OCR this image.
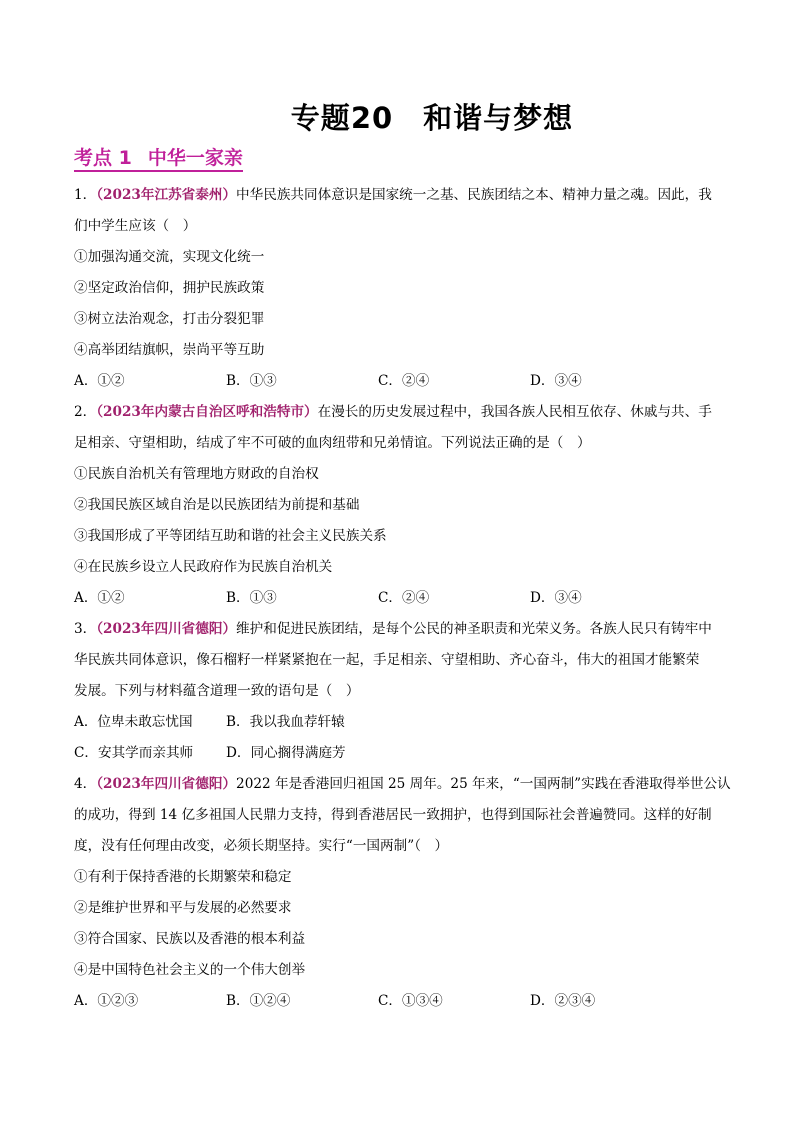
专题20 和谐与梦想
考点 1 中华一家亲
1．（2023年江苏省泰州）中华民族共同体意识是国家统一之基、民族团结之本、精神力量之魂。因此，我
们中学生应该（　）
①加强沟通交流，实现文化统一
②坚定政治信仰，拥护民族政策
③树立法治观念，打击分裂犯罪
④高举团结旗帜，崇尚平等互助
A．①②	B．①③	C．②④	D．③④
2．（2023年内蒙古自治区呼和浩特市）在漫长的历史发展过程中，我国各族人民相互依存、休戚与共、手
足相亲、守望相助，结成了牢不可破的血肉纽带和兄弟情谊。下列说法正确的是（　）
①民族自治机关有管理地方财政的自治权
②我国民族区域自治是以民族团结为前提和基础
③我国形成了平等团结互助和谐的社会主义民族关系
④在民族乡设立人民政府作为民族自治机关
A．①②	B．①③	C．②④	D．③④
3．（2023年四川省德阳）维护和促进民族团结，是每个公民的神圣职责和光荣义务。各族人民只有铸牢中
华民族共同体意识，像石榴籽一样紧紧抱在一起，手足相亲、守望相助、齐心奋斗，伟大的祖国才能繁荣
发展。下列与材料蕴含道理一致的语句是（　）
A．位卑未敢忘忧国	B．我以我血荐轩辕
C．安其学而亲其师	D．同心搁得满庭芳
4．（2023年四川省德阳）2022 年是香港回归祖国 25 周年。25 年来，“一国两制”实践在香港取得举世公认
的成功，得到 14 亿多祖国人民鼎力支持，得到香港居民一致拥护，也得到国际社会普遍赞同。这样的好制
度，没有任何理由改变，必须长期坚持。实行“一国两制”（　）
①有利于保持香港的长期繁荣和稳定
②是维护世界和平与发展的必然要求
③符合国家、民族以及香港的根本利益
④是中国特色社会主义的一个伟大创举
A．①②③	B．①②④	C．①③④	D．②③④
